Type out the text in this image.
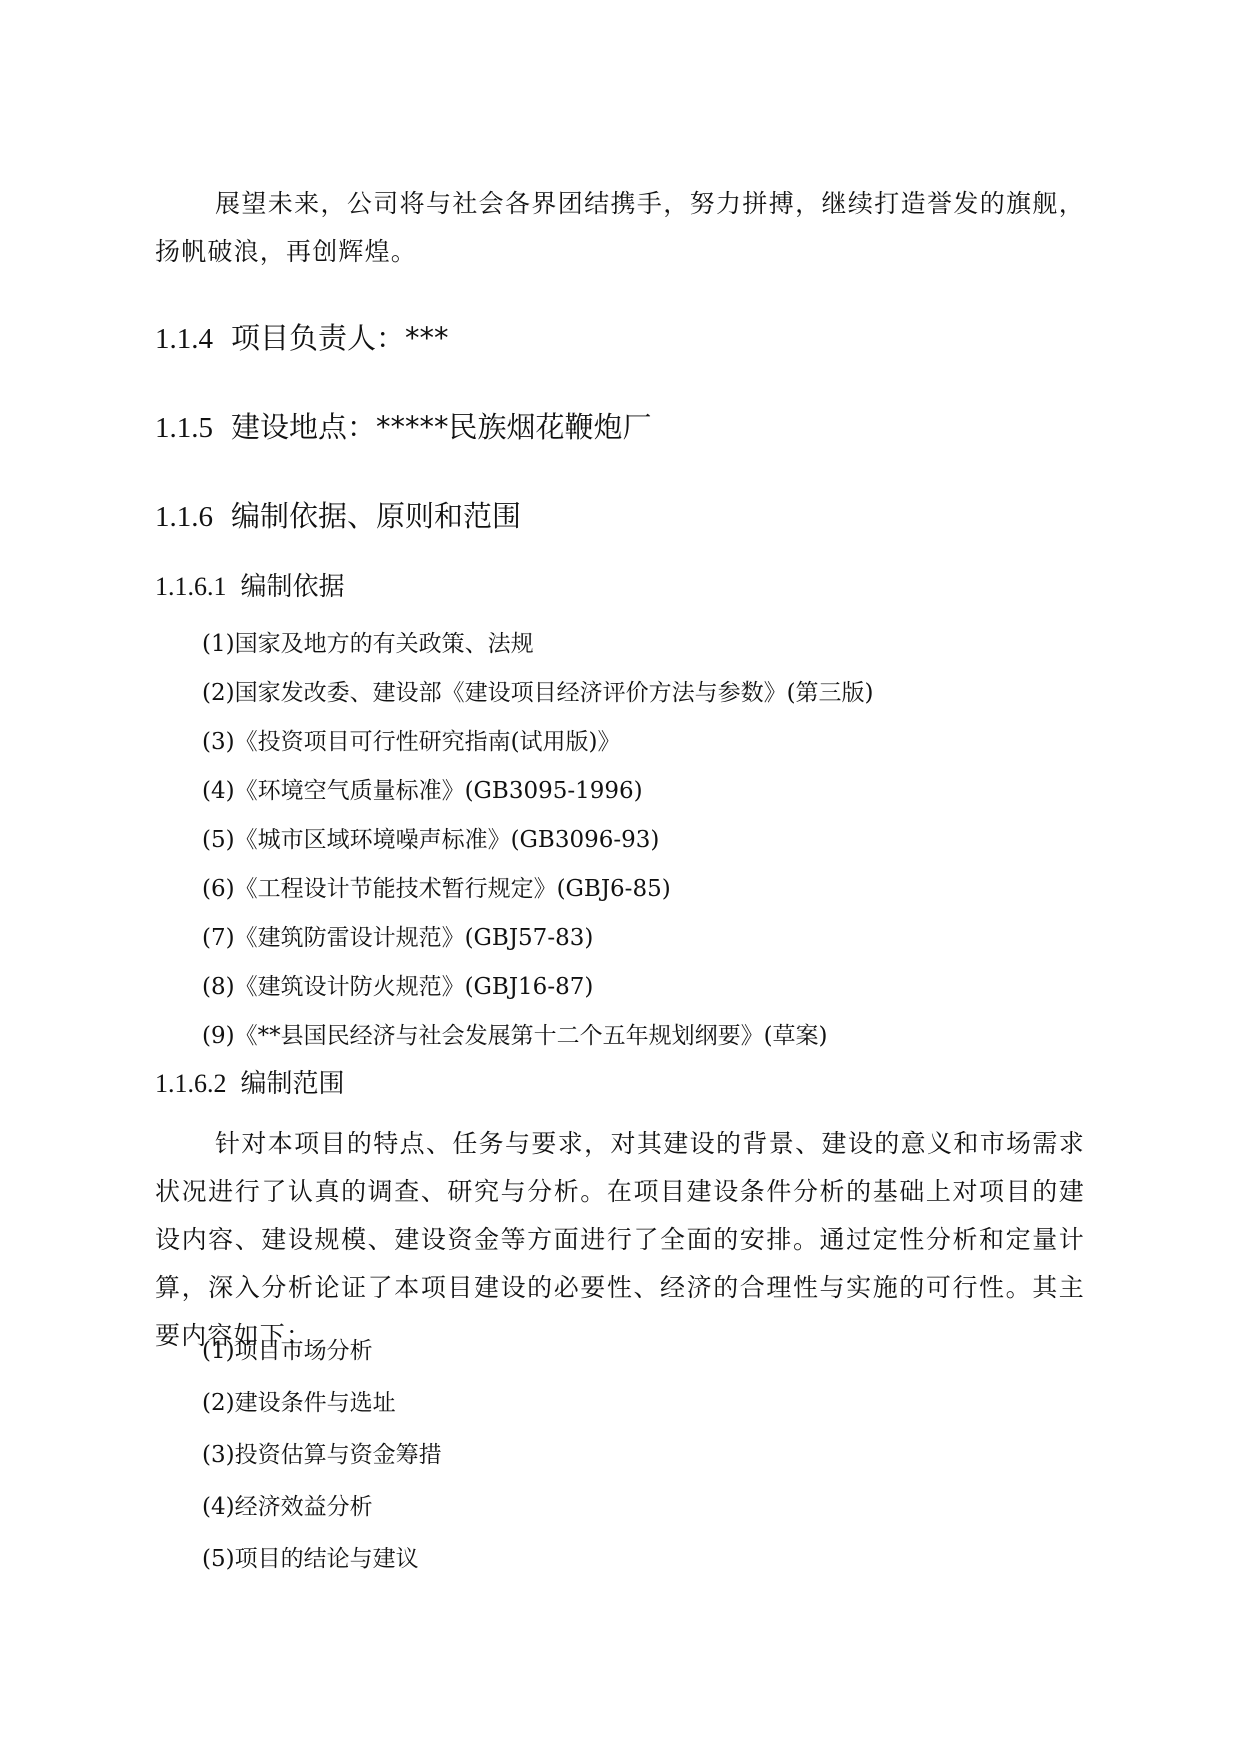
展望未来，公司将与社会各界团结携手，努力拼搏，继续打造誉发的旗舰，扬帆破浪，再创辉煌。

1.1.4 项目负责人：***
1.1.5 建设地点：*****民族烟花鞭炮厂
1.1.6 编制依据、原则和范围
1.1.6.1 编制依据
(1)国家及地方的有关政策、法规
(2)国家发改委、建设部《建设项目经济评价方法与参数》(第三版)
(3)《投资项目可行性研究指南(试用版)》
(4)《环境空气质量标准》(GB3095-1996)
(5)《城市区域环境噪声标准》(GB3096-93)
(6)《工程设计节能技术暂行规定》(GBJ6-85)
(7)《建筑防雷设计规范》(GBJ57-83)
(8)《建筑设计防火规范》(GBJ16-87)
(9)《**县国民经济与社会发展第十二个五年规划纲要》(草案)
1.1.6.2 编制范围

针对本项目的特点、任务与要求，对其建设的背景、建设的意义和市场需求状况进行了认真的调查、研究与分析。在项目建设条件分析的基础上对项目的建设内容、建设规模、建设资金等方面进行了全面的安排。通过定性分析和定量计算，深入分析论证了本项目建设的必要性、经济的合理性与实施的可行性。其主要内容如下：

(1)项目市场分析
(2)建设条件与选址
(3)投资估算与资金筹措
(4)经济效益分析
(5)项目的结论与建议
